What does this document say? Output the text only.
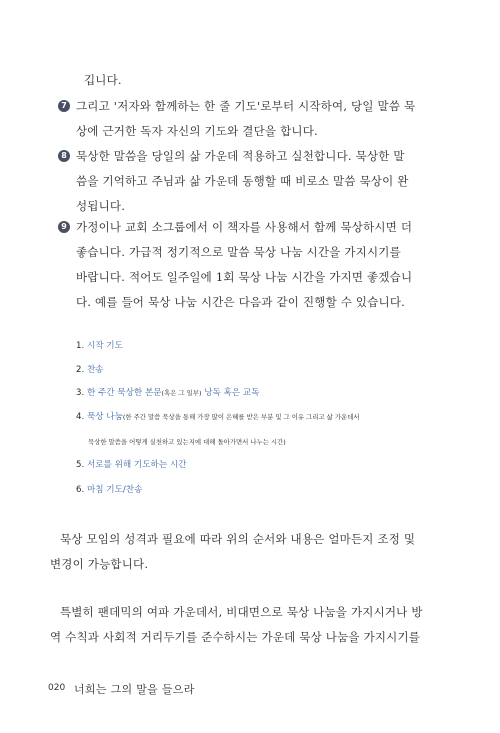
깁니다.
7 그리고 '저자와 함께하는 한 줄 기도'로부터 시작하여, 당일 말씀 묵
상에 근거한 독자 자신의 기도와 결단을 합니다.
8 묵상한 말씀을 당일의 삶 가운데 적용하고 실천합니다. 묵상한 말
씀을 기억하고 주님과 삶 가운데 동행할 때 비로소 말씀 묵상이 완
성됩니다.
9 가정이나 교회 소그룹에서 이 책자를 사용해서 함께 묵상하시면 더
좋습니다. 가급적 정기적으로 말씀 묵상 나눔 시간을 가지시기를
바랍니다. 적어도 일주일에 1회 묵상 나눔 시간을 가지면 좋겠습니
다. 예를 들어 묵상 나눔 시간은 다음과 같이 진행할 수 있습니다.
1. 시작 기도
2. 찬송
3. 한 주간 묵상한 본문(혹은 그 일부) 낭독 혹은 교독
4. 묵상 나눔(한 주간 말씀 묵상을 통해 가장 많이 은혜를 받은 부분 및 그 이유 그리고 삶 가운데서
묵상한 말씀을 어떻게 실천하고 있는지에 대해 돌아가면서 나누는 시간)
5. 서로를 위해 기도하는 시간
6. 마침 기도/찬송
묵상 모임의 성격과 필요에 따라 위의 순서와 내용은 얼마든지 조정 및
변경이 가능합니다.
특별히 팬데믹의 여파 가운데서, 비대면으로 묵상 나눔을 가지시거나 방
역 수칙과 사회적 거리두기를 준수하시는 가운데 묵상 나눔을 가지시기를
020 너희는 그의 말을 들으라
